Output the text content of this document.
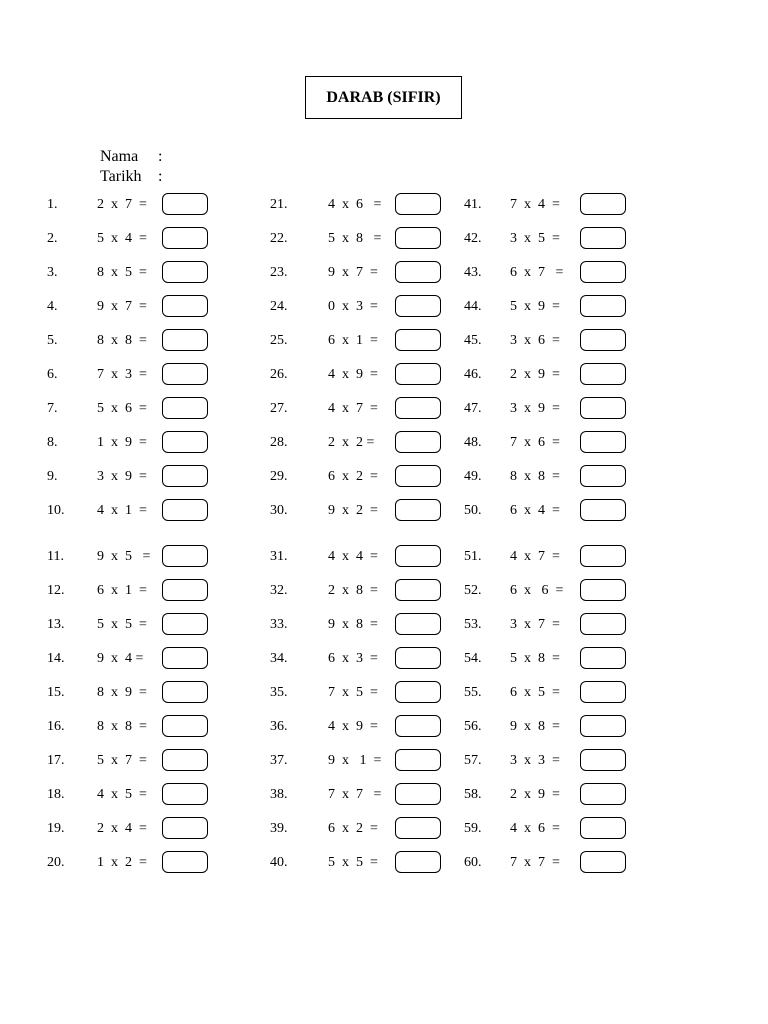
DARAB (SIFIR)

Nama :

Tarikh :

1.	2  x  7  =
2.	5  x  4  =
3.	8  x  5  =
4.	9  x  7  =
5.	8  x  8  =
6.	7  x  3  =
7.	5  x  6  =
8.	1  x  9  =
9.	3  x  9  =
10. 4  x  1  =
11. 9  x  5   =
12. 6  x  1  =
13. 5  x  5  =
14. 9  x  4 =
15. 8  x  9  =
16. 8  x  8  =
17. 5  x  7  =
18. 4  x  5  =
19. 2  x  4  =
20. 1  x  2  =
21.	4  x  6   =
22.	5  x  8   =
23.	9  x  7  =
24.	0  x  3  =
25.	6  x  1  =
26.	4  x  9  =
27.	4  x  7  =
28.	2  x  2 =
29.	6  x  2  =
30.	9  x  2  =
31.	4  x  4  =
32.	2  x  8  =
33.	9  x  8  =
34.	6  x  3  =
35.	7  x  5  =
36.	4  x  9  =
37.	9  x   1  =
38.	7  x  7   =
39.	6  x  2  =
40.	5  x  5  =
41. 7  x  4  =
42. 3  x  5  =
43. 6  x  7   =
44. 5  x  9  =
45. 3  x  6  =
46. 2  x  9  =
47. 3  x  9  =
48. 7  x  6  =
49. 8  x  8  =
50. 6  x  4  =
51. 4  x  7  =
52. 6  x   6  =
53. 3  x  7  =
54. 5  x  8  =
55. 6  x  5  =
56. 9  x  8  =
57. 3  x  3  =
58. 2  x  9  =
59. 4  x  6  =
60. 7  x  7  =
